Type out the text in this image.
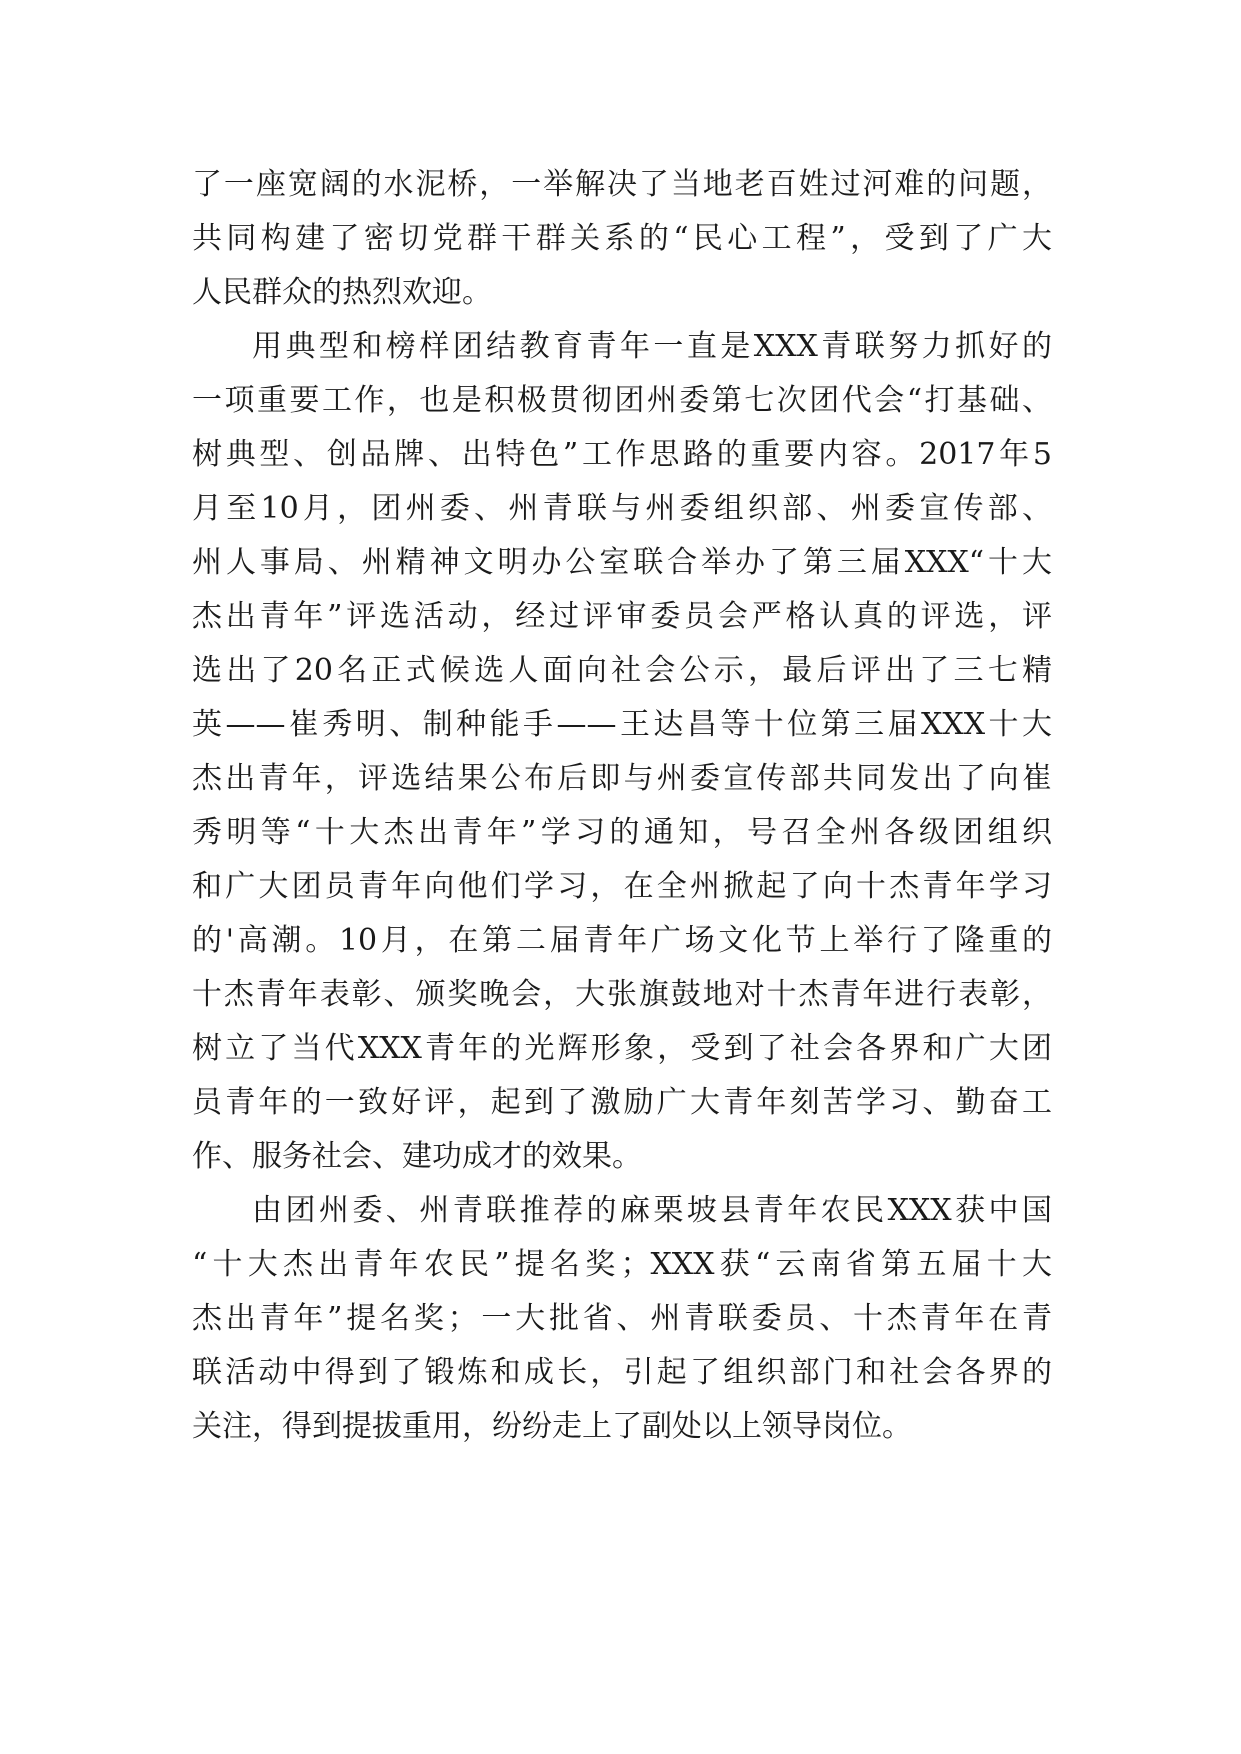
了一座宽阔的水泥桥，一举解决了当地老百姓过河难的问题，
共同构建了密切党群干群关系的“民心工程”，受到了广大
人民群众的热烈欢迎。
用典型和榜样团结教育青年一直是XXX青联努力抓好的
一项重要工作，也是积极贯彻团州委第七次团代会“打基础、
树典型、创品牌、出特色”工作思路的重要内容。2017年5
月至10月，团州委、州青联与州委组织部、州委宣传部、
州人事局、州精神文明办公室联合举办了第三届XXX“十大
杰出青年”评选活动，经过评审委员会严格认真的评选，评
选出了20名正式候选人面向社会公示，最后评出了三七精
英——崔秀明、制种能手——王达昌等十位第三届XXX十大
杰出青年，评选结果公布后即与州委宣传部共同发出了向崔
秀明等“十大杰出青年”学习的通知，号召全州各级团组织
和广大团员青年向他们学习，在全州掀起了向十杰青年学习
的'高潮。10月，在第二届青年广场文化节上举行了隆重的
十杰青年表彰、颁奖晚会，大张旗鼓地对十杰青年进行表彰，
树立了当代XXX青年的光辉形象，受到了社会各界和广大团
员青年的一致好评，起到了激励广大青年刻苦学习、勤奋工
作、服务社会、建功成才的效果。
由团州委、州青联推荐的麻栗坡县青年农民XXX获中国
“十大杰出青年农民”提名奖；XXX获“云南省第五届十大
杰出青年”提名奖；一大批省、州青联委员、十杰青年在青
联活动中得到了锻炼和成长，引起了组织部门和社会各界的
关注，得到提拔重用，纷纷走上了副处以上领导岗位。
